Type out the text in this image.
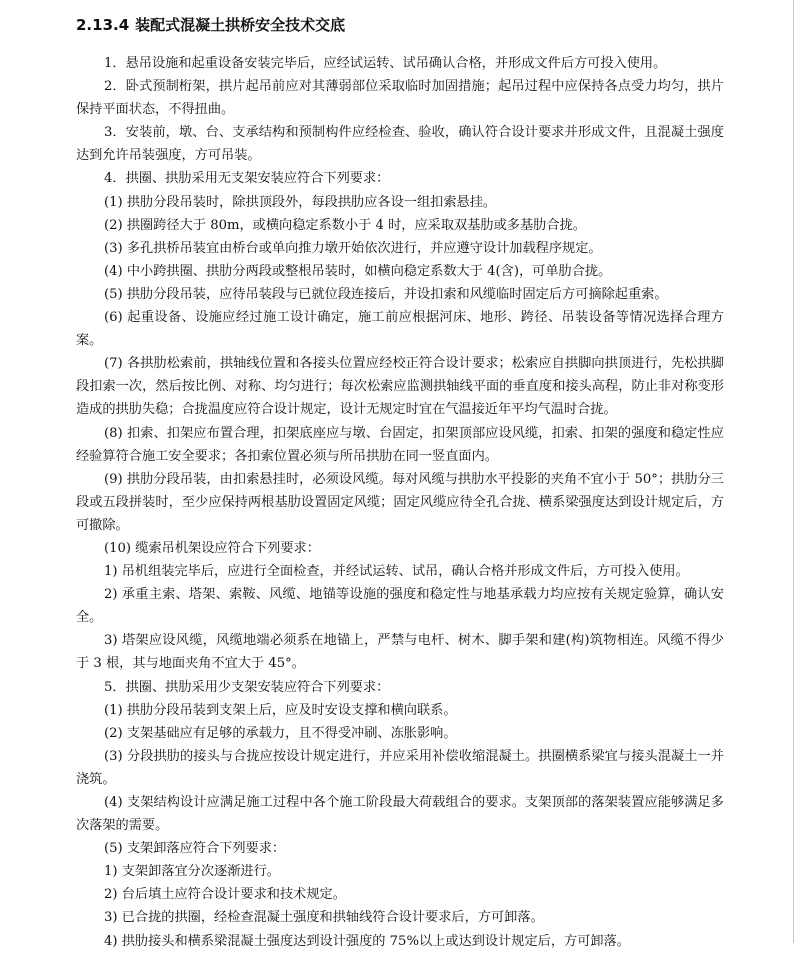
2.13.4 装配式混凝土拱桥安全技术交底

1．悬吊设施和起重设备安装完毕后，应经试运转、试吊确认合格，并形成文件后方可投入使用。

2．卧式预制桁架，拱片起吊前应对其薄弱部位采取临时加固措施；起吊过程中应保持各点受力均匀，拱片保持平面状态，不得扭曲。

3．安装前，墩、台、支承结构和预制构件应经检查、验收，确认符合设计要求并形成文件，且混凝土强度达到允许吊装强度，方可吊装。

4．拱圈、拱肋采用无支架安装应符合下列要求：

(1) 拱肋分段吊装时，除拱顶段外，每段拱肋应各设一组扣索悬挂。

(2) 拱圈跨径大于 80m，或横向稳定系数小于 4 时，应采取双基肋或多基肋合拢。

(3) 多孔拱桥吊装宜由桥台或单向推力墩开始依次进行，并应遵守设计加载程序规定。

(4) 中小跨拱圈、拱肋分两段或整根吊装时，如横向稳定系数大于 4(含)，可单肋合拢。

(5) 拱肋分段吊装，应待吊装段与已就位段连接后，并设扣索和风缆临时固定后方可摘除起重索。

(6) 起重设备、设施应经过施工设计确定，施工前应根据河床、地形、跨径、吊装设备等情况选择合理方案。

(7) 各拱肋松索前，拱轴线位置和各接头位置应经校正符合设计要求；松索应自拱脚向拱顶进行，先松拱脚段扣索一次，然后按比例、对称、均匀进行；每次松索应监测拱轴线平面的垂直度和接头高程，防止非对称变形造成的拱肋失稳；合拢温度应符合设计规定，设计无规定时宜在气温接近年平均气温时合拢。

(8) 扣索、扣架应布置合理，扣架底座应与墩、台固定，扣架顶部应设风缆，扣索、扣架的强度和稳定性应经验算符合施工安全要求；各扣索位置必须与所吊拱肋在同一竖直面内。

(9) 拱肋分段吊装，由扣索悬挂时，必须设风缆。每对风缆与拱肋水平投影的夹角不宜小于 50°；拱肋分三段或五段拼装时，至少应保持两根基肋设置固定风缆；固定风缆应待全孔合拢、横系梁强度达到设计规定后，方可撤除。

(10) 缆索吊机架设应符合下列要求：

1) 吊机组装完毕后，应进行全面检查，并经试运转、试吊，确认合格并形成文件后，方可投入使用。

2) 承重主索、塔架、索鞍、风缆、地锚等设施的强度和稳定性与地基承载力均应按有关规定验算，确认安全。

3) 塔架应设风缆，风缆地端必须系在地锚上，严禁与电杆、树木、脚手架和建(构)筑物相连。风缆不得少于 3 根，其与地面夹角不宜大于 45°。

5．拱圈、拱肋采用少支架安装应符合下列要求：

(1) 拱肋分段吊装到支架上后，应及时安设支撑和横向联系。

(2) 支架基础应有足够的承载力，且不得受冲刷、冻胀影响。

(3) 分段拱肋的接头与合拢应按设计规定进行，并应采用补偿收缩混凝土。拱圈横系梁宜与接头混凝土一并浇筑。

(4) 支架结构设计应满足施工过程中各个施工阶段最大荷载组合的要求。支架顶部的落架装置应能够满足多次落架的需要。

(5) 支架卸落应符合下列要求：

1) 支架卸落宜分次逐渐进行。

2) 台后填土应符合设计要求和技术规定。

3) 已合拢的拱圈，经检查混凝土强度和拱轴线符合设计要求后，方可卸落。

4) 拱肋接头和横系梁混凝土强度达到设计强度的 75%以上或达到设计规定后，方可卸落。
